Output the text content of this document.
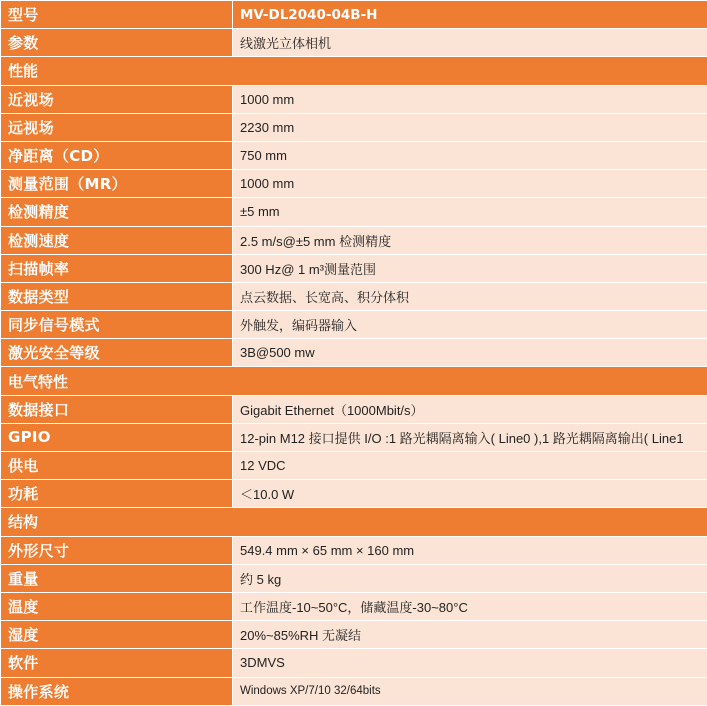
型号	MV-DL2040-04B-H
参数	线激光立体相机
性能	
近视场	1000 mm
远视场	2230 mm
净距离（CD）	750 mm
测量范围（MR）	1000 mm
检测精度	±5 mm
检测速度	2.5 m/s@±5 mm 检测精度
扫描帧率	300 Hz@ 1 m³测量范围
数据类型	点云数据、长宽高、积分体积
同步信号模式	外触发，编码器输入
激光安全等级	3B@500 mw
电气特性	
数据接口	Gigabit Ethernet（1000Mbit/s）
GPIO	12-pin M12 接口提供 I/O :1 路光耦隔离输入( Line0 ),1 路光耦隔离输出( Line1
供电	12 VDC
功耗	＜10.0 W
结构	
外形尺寸	549.4 mm × 65 mm × 160 mm
重量	约 5 kg
温度	工作温度-10~50°C，储藏温度-30~80°C
湿度	20%~85%RH 无凝结
软件	3DMVS
操作系统	Windows XP/7/10 32/64bits
